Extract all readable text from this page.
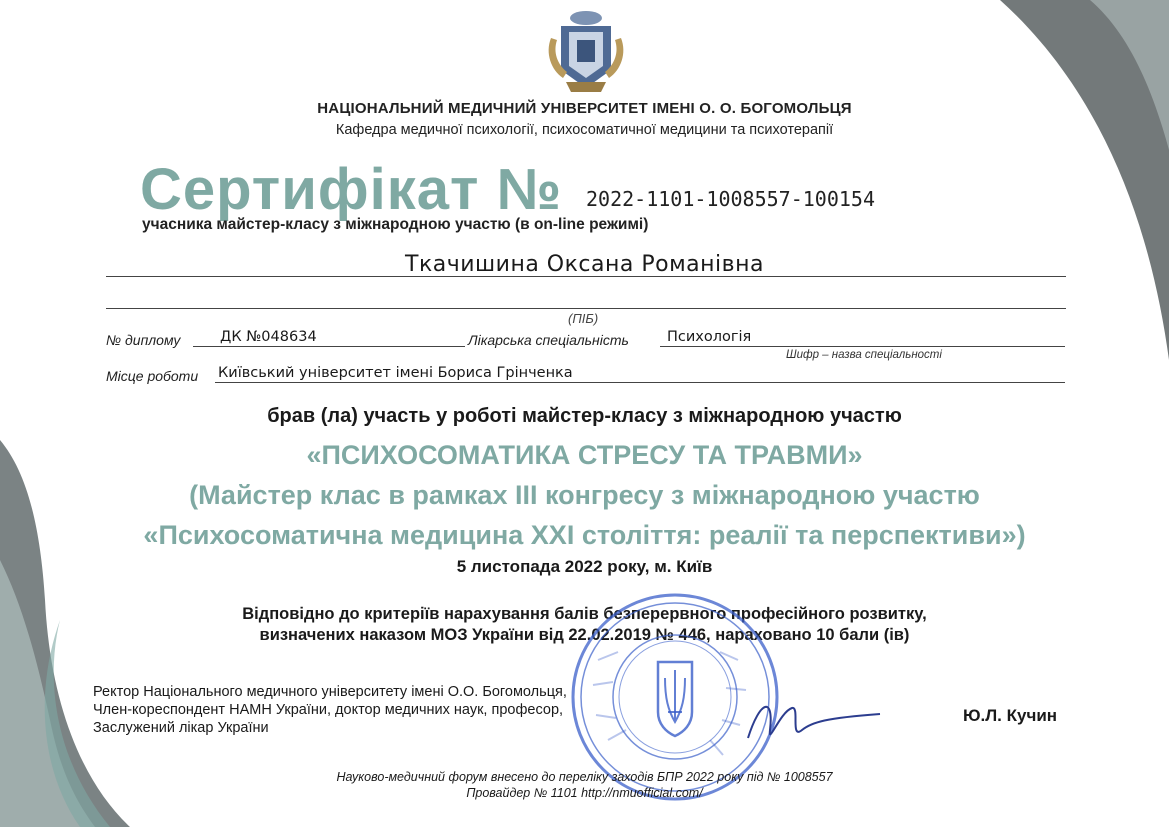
НАЦІОНАЛЬНИЙ МЕДИЧНИЙ УНІВЕРСИТЕТ ІМЕНІ О. О. БОГОМОЛЬЦЯ
Кафедра медичної психології, психосоматичної медицини та психотерапії
Сертифікат № 2022-1101-1008557-100154
учасника майстер-класу з міжнародною участю (в on-line режимі)
Ткачишина Оксана Романівна
(ПІБ)
№ диплому	ДК №048634	Лікарська спеціальність	Психологія
Шифр – назва спеціальності
Місце роботи Київський університет імені Бориса Грінченка
брав (ла) участь у роботі майстер-класу з міжнародною участю
«ПСИХОСОМАТИКА СТРЕСУ ТА ТРАВМИ»
(Майстер клас в рамках ІІІ конгресу з міжнародною участю
«Психосоматична медицина ХХІ століття: реалії та перспективи»)
5 листопада 2022 року, м. Київ
Відповідно до критеріїв нарахування балів безперервного професійного розвитку,
визначених наказом МОЗ України від 22.02.2019 № 446, нараховано 10 бали (ів)
Ректор Національного медичного університету імені О.О. Богомольця,
Член-кореспондент НАМН України, доктор медичних наук, професор,
Заслужений лікар України
Ю.Л. Кучин
Науково-медичний форум внесено до переліку заходів БПР 2022 року під № 1008557
Провайдер № 1101 http://nmuofficial.com/
